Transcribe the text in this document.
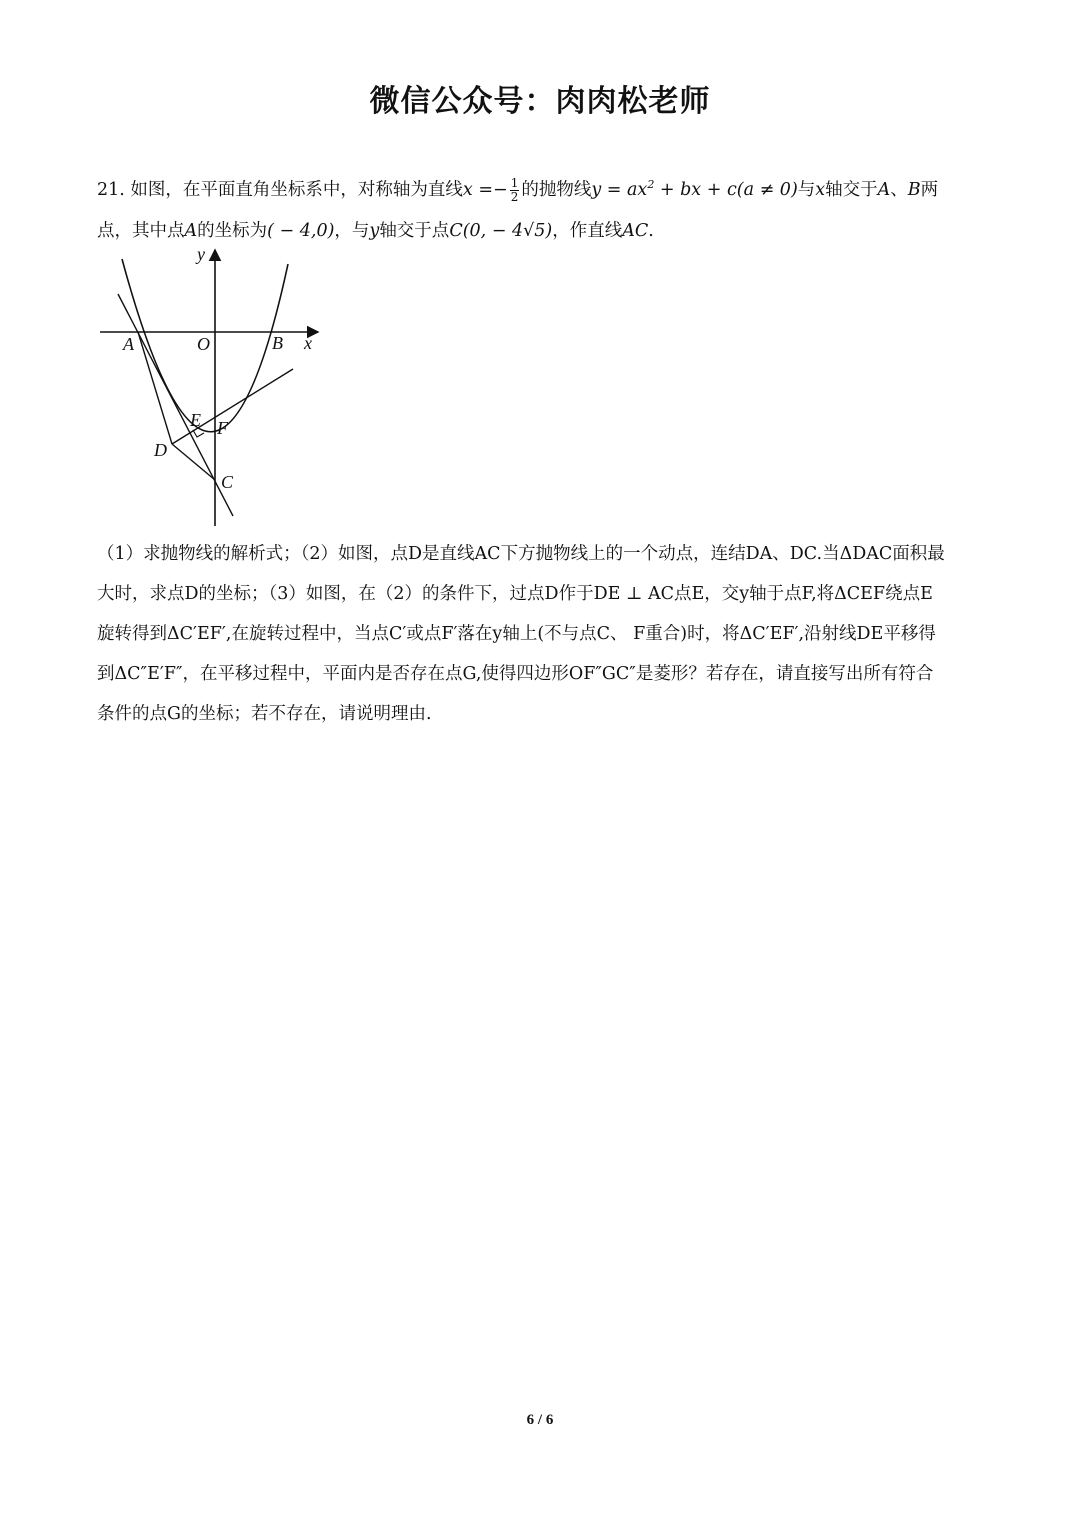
微信公众号：肉肉松老师

21. 如图，在平面直角坐标系中，对称轴为直线$x =- \frac{1}{2}$ 的抛物线$y = ax^2$ + bx + c(a ≠ 0)与x轴交于A、B两

点，其中点A的坐标为( − 4,0)，与y轴交于点C(0, − 4√5)，作直线AC.

y
x
O
A	B
C
D
E F

（1）求抛物线的解析式；（2）如图，点D是直线AC下方抛物线上的一个动点，连结DA、DC.当ΔDAC面积最

大时，求点D的坐标；（3）如图，在（2）的条件下，过点D作于DE ⊥ AC点E，交y轴于点F,将ΔCEF绕点E

旋转得到ΔC′EF′,在旋转过程中，当点C′或点F′落在y轴上(不与点C、 F重合)时，将ΔC′EF′,沿射线DE平移得

到ΔC″E′F″，在平移过程中，平面内是否存在点G,使得四边形OF″GC″是菱形？若存在，请直接写出所有符合

条件的点G的坐标；若不存在，请说明理由.

6 / 6
